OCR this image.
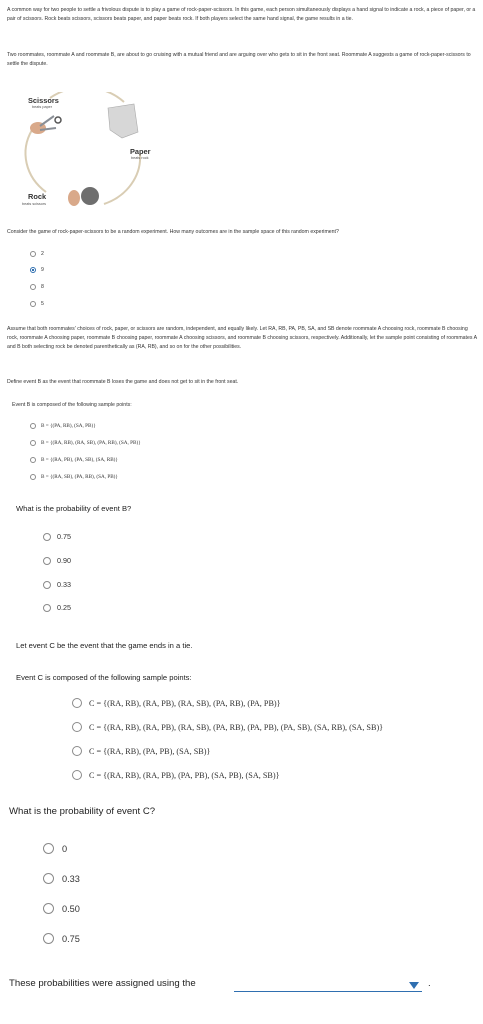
A common way for two people to settle a frivolous dispute is to play a game of rock-paper-scissors. In this game, each person simultaneously displays a hand signal to indicate a rock, a piece of paper, or a pair of scissors. Rock beats scissors, scissors beats paper, and paper beats rock. If both players select the same hand signal, the game results in a tie.
Two roommates, roommate A and roommate B, are about to go cruising with a mutual friend and are arguing over who gets to sit in the front seat. Roommate A suggests a game of rock-paper-scissors to settle the dispute.
Scissors
beats paper
Paper
beats rock
Rock
beats scissors
Consider the game of rock-paper-scissors to be a random experiment. How many outcomes are in the sample space of this random experiment?
2
9
8
5
Assume that both roommates' choices of rock, paper, or scissors are random, independent, and equally likely. Let RA, RB, PA, PB, SA, and SB denote roommate A choosing rock, roommate B choosing rock, roommate A choosing paper, roommate B choosing paper, roommate A choosing scissors, and roommate B choosing scissors, respectively. Additionally, let the sample point consisting of roommates A and B both selecting rock be denoted parenthetically as (RA, RB), and so on for the other possibilities.
Define event B as the event that roommate B loses the game and does not get to sit in the front seat.
Event B is composed of the following sample points:
B = {(PA, RB), (SA, PB)}
B = {(RA, RB), (RA, SB), (PA, RB), (SA, PB)}
B = {(RA, PB), (PA, SB), (SA, RB)}
B = {(RA, SB), (PA, RB), (SA, PB)}
What is the probability of event B?
0.75
0.90
0.33
0.25
Let event C be the event that the game ends in a tie.
Event C is composed of the following sample points:
C = {(RA, RB), (RA, PB), (RA, SB), (PA, RB), (PA, PB)}
C = {(RA, RB), (RA, PB), (RA, SB), (PA, RB), (PA, PB), (PA, SB), (SA, RB), (SA, SB)}
C = {(RA, RB), (PA, PB), (SA, SB)}
C = {(RA, RB), (RA, PB), (PA, PB), (SA, PB), (SA, SB)}
What is the probability of event C?
0
0.33
0.50
0.75
These probabilities were assigned using the	.
